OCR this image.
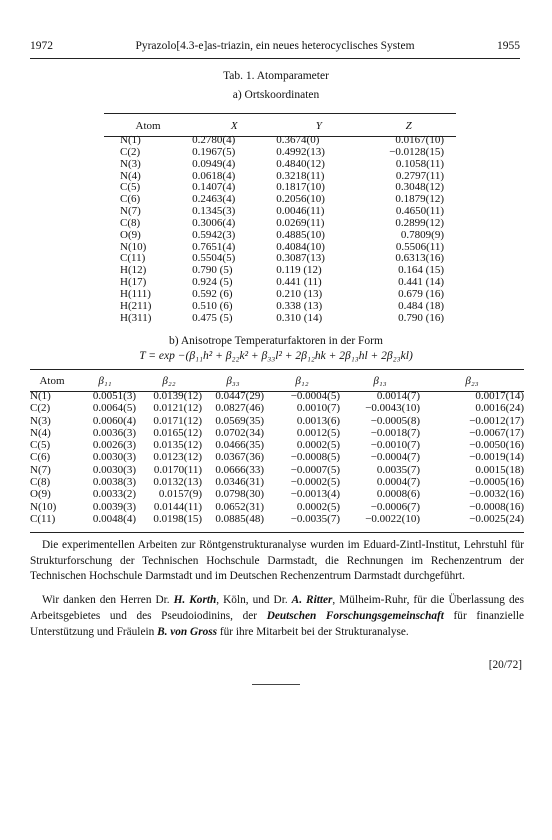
1972	Pyrazolo[4.3-e]as-triazin, ein neues heterocyclisches System	1955
Tab. 1. Atomparameter
a) Ortskoordinaten
Atom	X	Y	Z
N(1)	0.2780(4)	0.3674(0)	0.0167(10)
C(2)	0.1967(5)	0.4992(13)	−0.0128(15)
N(3)	0.0949(4)	0.4840(12)	0.1058(11)
N(4)	0.0618(4)	0.3218(11)	0.2797(11)
C(5)	0.1407(4)	0.1817(10)	0.3048(12)
C(6)	0.2463(4)	0.2056(10)	0.1879(12)
N(7)	0.1345(3)	0.0046(11)	0.4650(11)
C(8)	0.3006(4)	0.0269(11)	0.2899(12)
O(9)	0.5942(3)	0.4885(10)	0.7809(9)
N(10)	0.7651(4)	0.4084(10)	0.5506(11)
C(11)	0.5504(5)	0.3087(13)	0.6313(16)
H(12)	0.790 (5)	0.119 (12)	0.164 (15)
H(17)	0.924 (5)	0.441 (11)	0.441 (14)
H(111)	0.592 (6)	0.210 (13)	0.679 (16)
H(211)	0.510 (6)	0.338 (13)	0.484 (18)
H(311)	0.475 (5)	0.310 (14)	0.790 (16)
b) Anisotrope Temperaturfaktoren in der Form
T = exp −(β₁₁h² + β₂₂k² + β₃₃l² + 2β₁₂hk + 2β₁₃hl + 2β₂₃kl)
Atom	β₁₁	β₂₂	β₃₃	β₁₂	β₁₃	β₂₃
N(1)	0.0051(3)	0.0139(12)	0.0447(29)	−0.0004(5)	0.0014(7)	0.0017(14)
C(2)	0.0064(5)	0.0121(12)	0.0827(46)	0.0010(7)	−0.0043(10)	0.0016(24)
N(3)	0.0060(4)	0.0171(12)	0.0569(35)	0.0013(6)	−0.0005(8)	−0.0012(17)
N(4)	0.0036(3)	0.0165(12)	0.0702(34)	0.0012(5)	−0.0018(7)	−0.0067(17)
C(5)	0.0026(3)	0.0135(12)	0.0466(35)	0.0002(5)	−0.0010(7)	−0.0050(16)
C(6)	0.0030(3)	0.0123(12)	0.0367(36)	−0.0008(5)	−0.0004(7)	−0.0019(14)
N(7)	0.0030(3)	0.0170(11)	0.0666(33)	−0.0007(5)	0.0035(7)	0.0015(18)
C(8)	0.0038(3)	0.0132(13)	0.0346(31)	−0.0002(5)	0.0004(7)	−0.0005(16)
O(9)	0.0033(2)	0.0157(9)	0.0798(30)	−0.0013(4)	0.0008(6)	−0.0032(16)
N(10)	0.0039(3)	0.0144(11)	0.0652(31)	0.0002(5)	−0.0006(7)	−0.0008(16)
C(11)	0.0048(4)	0.0198(15)	0.0885(48)	−0.0035(7)	−0.0022(10)	−0.0025(24)

Die experimentellen Arbeiten zur Röntgenstrukturanalyse wurden im Eduard-Zintl-Institut, Lehrstuhl für Strukturforschung der Technischen Hochschule Darmstadt, die Rechnungen im Rechenzentrum der Technischen Hochschule Darmstadt und im Deutschen Rechenzentrum Darmstadt durchgeführt.

Wir danken den Herren Dr. H. Korth, Köln, und Dr. A. Ritter, Mülheim-Ruhr, für die Überlassung des Arbeitsgebietes und des Pseudoiodinins, der Deutschen Forschungsgemeinschaft für finanzielle Unterstützung und Fräulein B. von Gross für ihre Mitarbeit bei der Strukturanalyse.

[20/72]
